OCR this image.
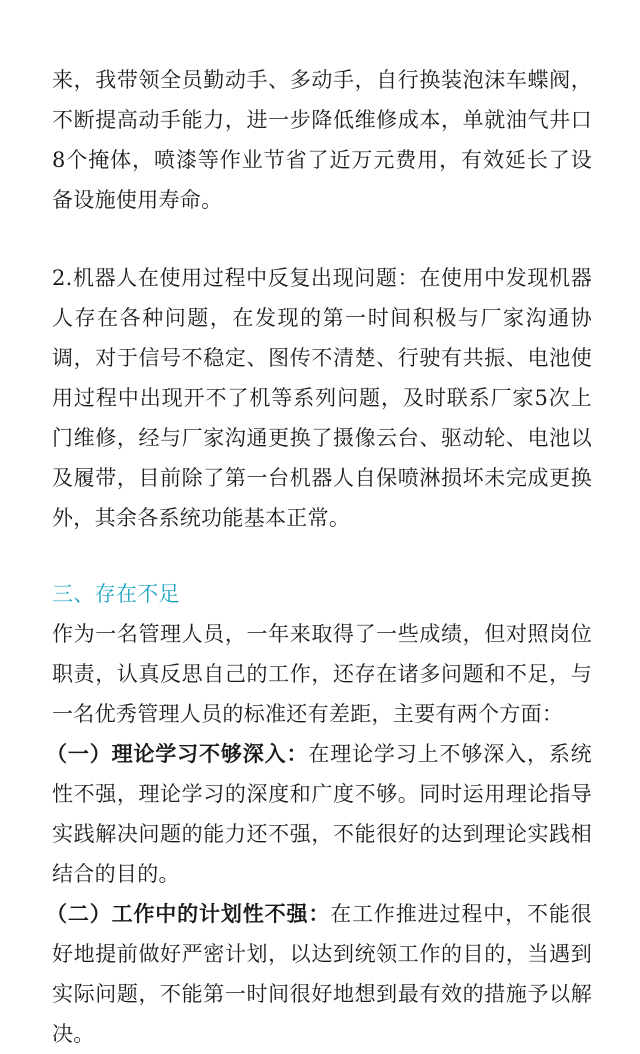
来，我带领全员勤动手、多动手，自行换装泡沫车蝶阀，不断提高动手能力，进一步降低维修成本，单就油气井口8个掩体，喷漆等作业节省了近万元费用，有效延长了设备设施使用寿命。

2.机器人在使用过程中反复出现问题：在使用中发现机器人存在各种问题，在发现的第一时间积极与厂家沟通协调，对于信号不稳定、图传不清楚、行驶有共振、电池使用过程中出现开不了机等系列问题，及时联系厂家5次上门维修，经与厂家沟通更换了摄像云台、驱动轮、电池以及履带，目前除了第一台机器人自保喷淋损坏未完成更换外，其余各系统功能基本正常。

三、存在不足

作为一名管理人员，一年来取得了一些成绩，但对照岗位职责，认真反思自己的工作，还存在诸多问题和不足，与一名优秀管理人员的标准还有差距，主要有两个方面：

（一）理论学习不够深入：在理论学习上不够深入，系统性不强，理论学习的深度和广度不够。同时运用理论指导实践解决问题的能力还不强，不能很好的达到理论实践相结合的目的。

（二）工作中的计划性不强：在工作推进过程中，不能很好地提前做好严密计划，以达到统领工作的目的，当遇到实际问题，不能第一时间很好地想到最有效的措施予以解决。
